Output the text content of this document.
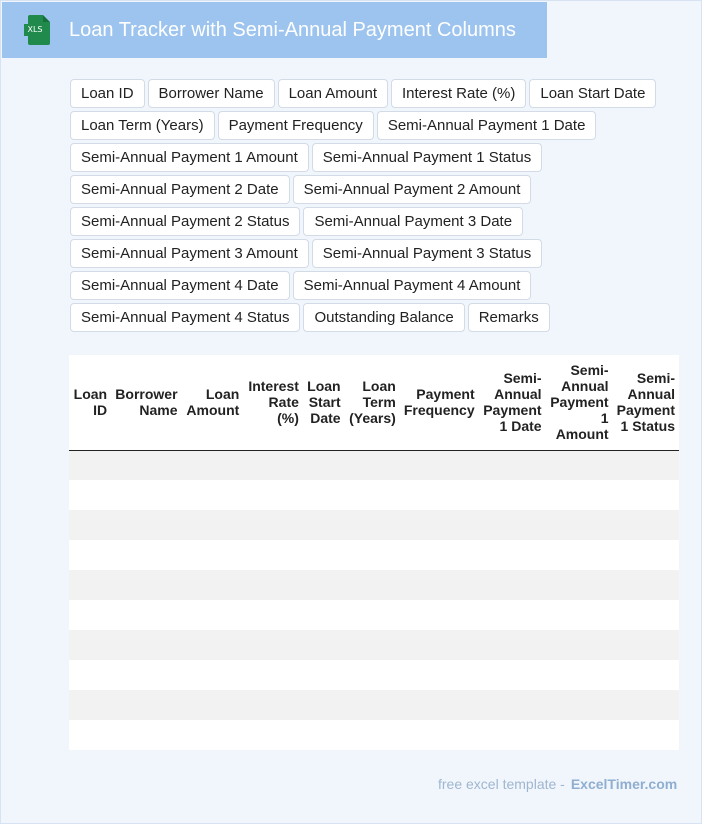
XLS Loan Tracker with Semi-Annual Payment Columns
Loan ID	Borrower Name	Loan Amount	Interest Rate (%)	Loan Start Date
Loan Term (Years)	Payment Frequency	Semi-Annual Payment 1 Date
Semi-Annual Payment 1 Amount	Semi-Annual Payment 1 Status
Semi-Annual Payment 2 Date	Semi-Annual Payment 2 Amount
Semi-Annual Payment 2 Status	Semi-Annual Payment 3 Date
Semi-Annual Payment 3 Amount	Semi-Annual Payment 3 Status
Semi-Annual Payment 4 Date	Semi-Annual Payment 4 Amount
Semi-Annual Payment 4 Status	Outstanding Balance	Remarks
Loan ID	Borrower Name	Loan Amount	Interest Rate (%)	Loan Start Date	Loan Term (Years)	Payment Frequency	Semi-Annual Payment 1 Date	Semi-Annual Payment 1 Amount	Semi-Annual Payment 1 Status

free excel template - ExcelTimer.com
